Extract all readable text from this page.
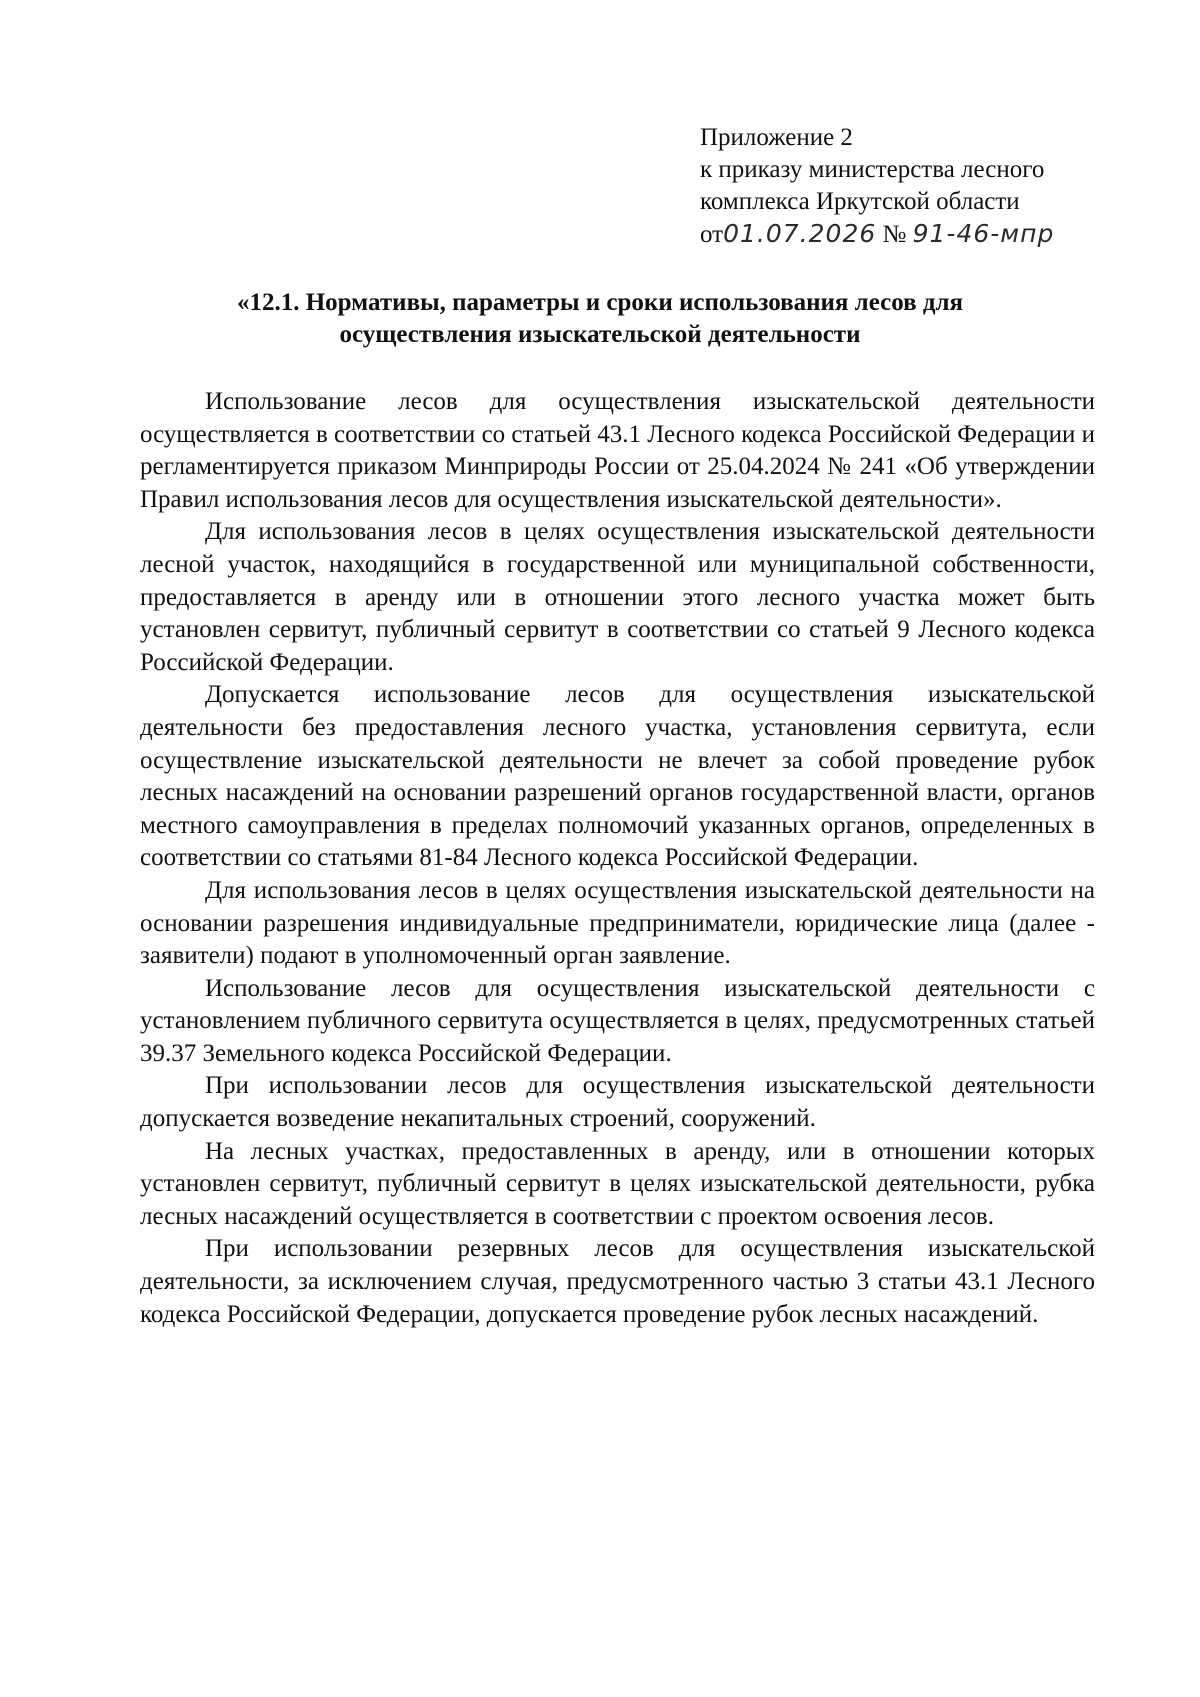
Приложение 2
к приказу министерства лесного
комплекса Иркутской области
от01.07.2026 № 91-46-мпр
«12.1. Нормативы, параметры и сроки использования лесов для
осуществления изыскательской деятельности

Использование лесов для осуществления изыскательской деятельности осуществляется в соответствии со статьей 43.1 Лесного кодекса Российской Федерации и регламентируется приказом Минприроды России от 25.04.2024 № 241 «Об утверждении Правил использования лесов для осуществления изыскательской деятельности».

Для использования лесов в целях осуществления изыскательской деятельности лесной участок, находящийся в государственной или муниципальной собственности, предоставляется в аренду или в отношении этого лесного участка может быть установлен сервитут, публичный сервитут в соответствии со статьей 9 Лесного кодекса Российской Федерации.

Допускается использование лесов для осуществления изыскательской деятельности без предоставления лесного участка, установления сервитута, если осуществление изыскательской деятельности не влечет за собой проведение рубок лесных насаждений на основании разрешений органов государственной власти, органов местного самоуправления в пределах полномочий указанных органов, определенных в соответствии со статьями 81-84 Лесного кодекса Российской Федерации.

Для использования лесов в целях осуществления изыскательской деятельности на основании разрешения индивидуальные предприниматели, юридические лица (далее - заявители) подают в уполномоченный орган заявление.

Использование лесов для осуществления изыскательской деятельности с установлением публичного сервитута осуществляется в целях, предусмотренных статьей 39.37 Земельного кодекса Российской Федерации.

При использовании лесов для осуществления изыскательской деятельности допускается возведение некапитальных строений, сооружений.

На лесных участках, предоставленных в аренду, или в отношении которых установлен сервитут, публичный сервитут в целях изыскательской деятельности, рубка лесных насаждений осуществляется в соответствии с проектом освоения лесов.

При использовании резервных лесов для осуществления изыскательской деятельности, за исключением случая, предусмотренного частью 3 статьи 43.1 Лесного кодекса Российской Федерации, допускается проведение рубок лесных насаждений.
